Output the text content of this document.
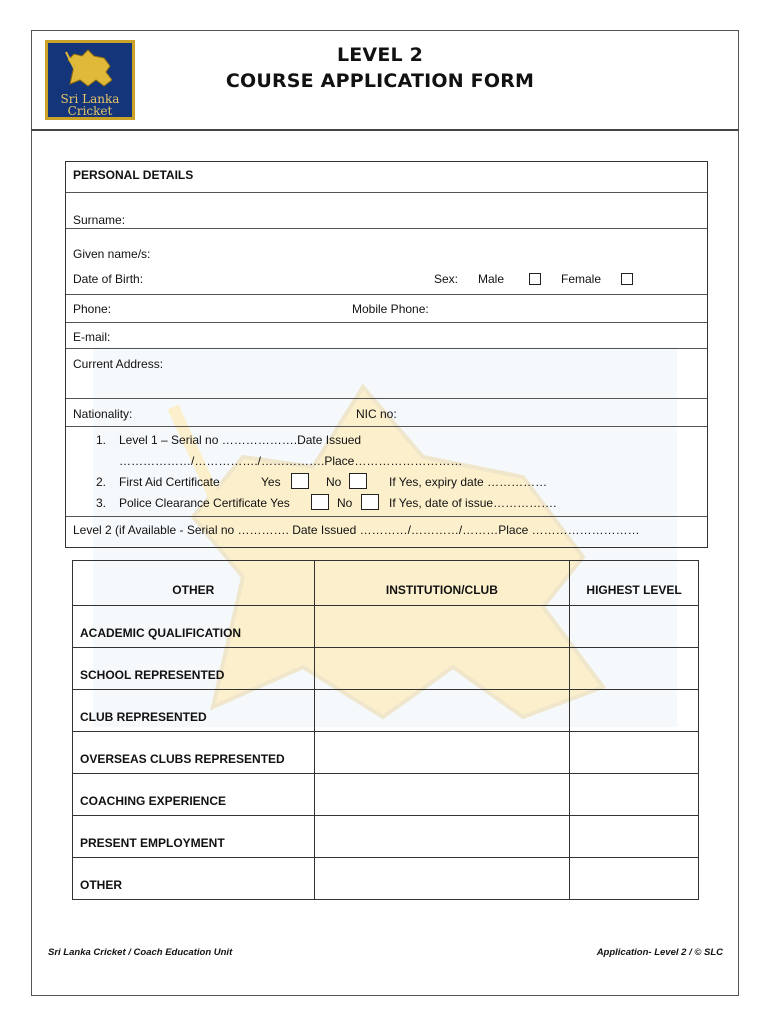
Sri Lanka
Cricket
LEVEL 2
COURSE APPLICATION FORM
PERSONAL DETAILS
Surname:
Given name/s:
Date of Birth:	Sex: Male	Female
Phone:	Mobile Phone:
E-mail:
Current Address:
Nationality:	NIC no:
1. Level 1 – Serial no ……………….Date Issued
………………/……………./…………….Place………………………
2. First Aid Certificate	Yes	No	If Yes, expiry date ……………
3. Police Clearance Certificate Yes	No	If Yes, date of issue…………….
Level 2 (if Available - Serial no …………. Date Issued …………/…………/………Place ………………………
OTHER	INSTITUTION/CLUB	HIGHEST LEVEL
ACADEMIC QUALIFICATION		
SCHOOL REPRESENTED		
CLUB REPRESENTED		
OVERSEAS CLUBS REPRESENTED		
COACHING EXPERIENCE		
PRESENT EMPLOYMENT		
OTHER		
Sri Lanka Cricket / Coach Education Unit	Application- Level 2 / © SLC
